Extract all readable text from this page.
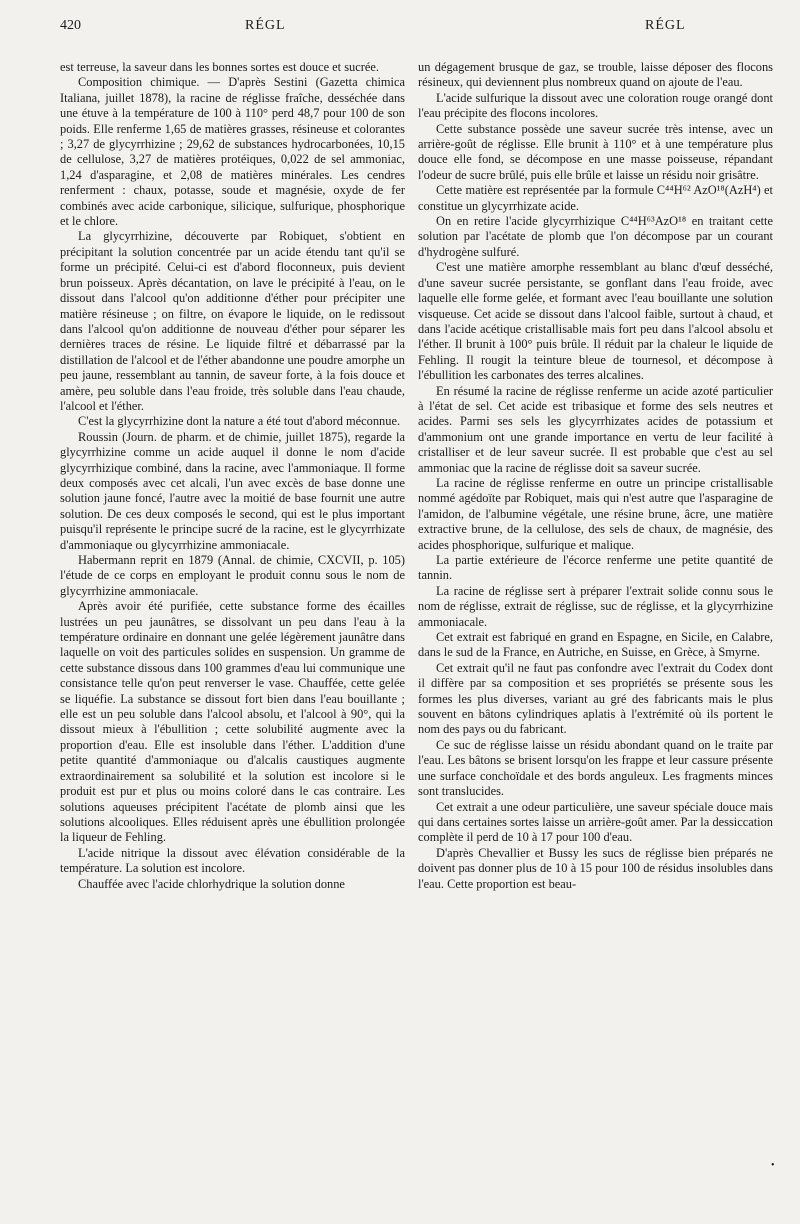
420	RÉGL	RÉGL

est terreuse, la saveur dans les bonnes sortes est douce et sucrée.

Composition chimique. — D'après Sestini (Gazetta chimica Italiana, juillet 1878), la racine de réglisse fraîche, desséchée dans une étuve à la température de 100 à 110° perd 48,7 pour 100 de son poids. Elle renferme 1,65 de matières grasses, résineuse et colorantes ; 3,27 de glycyrrhizine ; 29,62 de substances hydrocarbonées, 10,15 de cellulose, 3,27 de matières protéiques, 0,022 de sel ammoniac, 1,24 d'asparagine, et 2,08 de matières minérales. Les cendres renferment : chaux, potasse, soude et magnésie, oxyde de fer combinés avec acide carbonique, silicique, sulfurique, phosphorique et le chlore.

La glycyrrhizine, découverte par Robiquet, s'obtient en précipitant la solution concentrée par un acide étendu tant qu'il se forme un précipité. Celui-ci est d'abord floconneux, puis devient brun poisseux. Après décantation, on lave le précipité à l'eau, on le dissout dans l'alcool qu'on additionne d'éther pour précipiter une matière résineuse ; on filtre, on évapore le liquide, on le redissout dans l'alcool qu'on additionne de nouveau d'éther pour séparer les dernières traces de résine. Le liquide filtré et débarrassé par la distillation de l'alcool et de l'éther abandonne une poudre amorphe un peu jaune, ressemblant au tannin, de saveur forte, à la fois douce et amère, peu soluble dans l'eau froide, très soluble dans l'eau chaude, l'alcool et l'éther.

C'est la glycyrrhizine dont la nature a été tout d'abord méconnue.

Roussin (Journ. de pharm. et de chimie, juillet 1875), regarde la glycyrrhizine comme un acide auquel il donne le nom d'acide glycyrrhizique combiné, dans la racine, avec l'ammoniaque. Il forme deux composés avec cet alcali, l'un avec excès de base donne une solution jaune foncé, l'autre avec la moitié de base fournit une autre solution. De ces deux composés le second, qui est le plus important puisqu'il représente le principe sucré de la racine, est le glycyrrhizate d'ammoniaque ou glycyrrhizine ammoniacale.

Habermann reprit en 1879 (Annal. de chimie, CXCVII, p. 105) l'étude de ce corps en employant le produit connu sous le nom de glycyrrhizine ammoniacale.

Après avoir été purifiée, cette substance forme des écailles lustrées un peu jaunâtres, se dissolvant un peu dans l'eau à la température ordinaire en donnant une gelée légèrement jaunâtre dans laquelle on voit des particules solides en suspension. Un gramme de cette substance dissous dans 100 grammes d'eau lui communique une consistance telle qu'on peut renverser le vase. Chauffée, cette gelée se liquéfie. La substance se dissout fort bien dans l'eau bouillante ; elle est un peu soluble dans l'alcool absolu, et l'alcool à 90°, qui la dissout mieux à l'ébullition ; cette solubilité augmente avec la proportion d'eau. Elle est insoluble dans l'éther. L'addition d'une petite quantité d'ammoniaque ou d'alcalis caustiques augmente extraordinairement sa solubilité et la solution est incolore si le produit est pur et plus ou moins coloré dans le cas contraire. Les solutions aqueuses précipitent l'acétate de plomb ainsi que les solutions alcooliques. Elles réduisent après une ébullition prolongée la liqueur de Fehling.

L'acide nitrique la dissout avec élévation considérable de la température. La solution est incolore.

Chauffée avec l'acide chlorhydrique la solution donne

un dégagement brusque de gaz, se trouble, laisse déposer des flocons résineux, qui deviennent plus nombreux quand on ajoute de l'eau.

L'acide sulfurique la dissout avec une coloration rouge orangé dont l'eau précipite des flocons incolores.

Cette substance possède une saveur sucrée très intense, avec un arrière-goût de réglisse. Elle brunit à 110° et à une température plus douce elle fond, se décompose en une masse poisseuse, répandant l'odeur de sucre brûlé, puis elle brûle et laisse un résidu noir grisâtre.

Cette matière est représentée par la formule C⁴⁴H⁶² AzO¹⁸(AzH⁴) et constitue un glycyrrhizate acide.

On en retire l'acide glycyrrhizique C⁴⁴H⁶³AzO¹⁸ en traitant cette solution par l'acétate de plomb que l'on décompose par un courant d'hydrogène sulfuré.

C'est une matière amorphe ressemblant au blanc d'œuf desséché, d'une saveur sucrée persistante, se gonflant dans l'eau froide, avec laquelle elle forme gelée, et formant avec l'eau bouillante une solution visqueuse. Cet acide se dissout dans l'alcool faible, surtout à chaud, et dans l'acide acétique cristallisable mais fort peu dans l'alcool absolu et l'éther. Il brunit à 100° puis brûle. Il réduit par la chaleur le liquide de Fehling. Il rougit la teinture bleue de tournesol, et décompose à l'ébullition les carbonates des terres alcalines.

En résumé la racine de réglisse renferme un acide azoté particulier à l'état de sel. Cet acide est tribasique et forme des sels neutres et acides. Parmi ses sels les glycyrrhizates acides de potassium et d'ammonium ont une grande importance en vertu de leur facilité à cristalliser et de leur saveur sucrée. Il est probable que c'est au sel ammoniac que la racine de réglisse doit sa saveur sucrée.

La racine de réglisse renferme en outre un principe cristallisable nommé agédoïte par Robiquet, mais qui n'est autre que l'asparagine de l'amidon, de l'albumine végétale, une résine brune, âcre, une matière extractive brune, de la cellulose, des sels de chaux, de magnésie, des acides phosphorique, sulfurique et malique.

La partie extérieure de l'écorce renferme une petite quantité de tannin.

La racine de réglisse sert à préparer l'extrait solide connu sous le nom de réglisse, extrait de réglisse, suc de réglisse, et la glycyrrhizine ammoniacale.

Cet extrait est fabriqué en grand en Espagne, en Sicile, en Calabre, dans le sud de la France, en Autriche, en Suisse, en Grèce, à Smyrne.

Cet extrait qu'il ne faut pas confondre avec l'extrait du Codex dont il diffère par sa composition et ses propriétés se présente sous les formes les plus diverses, variant au gré des fabricants mais le plus souvent en bâtons cylindriques aplatis à l'extrémité où ils portent le nom des pays ou du fabricant.

Ce suc de réglisse laisse un résidu abondant quand on le traite par l'eau. Les bâtons se brisent lorsqu'on les frappe et leur cassure présente une surface conchoïdale et des bords anguleux. Les fragments minces sont translucides.

Cet extrait a une odeur particulière, une saveur spéciale douce mais qui dans certaines sortes laisse un arrière-goût amer. Par la dessiccation complète il perd de 10 à 17 pour 100 d'eau.

D'après Chevallier et Bussy les sucs de réglisse bien préparés ne doivent pas donner plus de 10 à 15 pour 100 de résidus insolubles dans l'eau. Cette proportion est beau-

•
